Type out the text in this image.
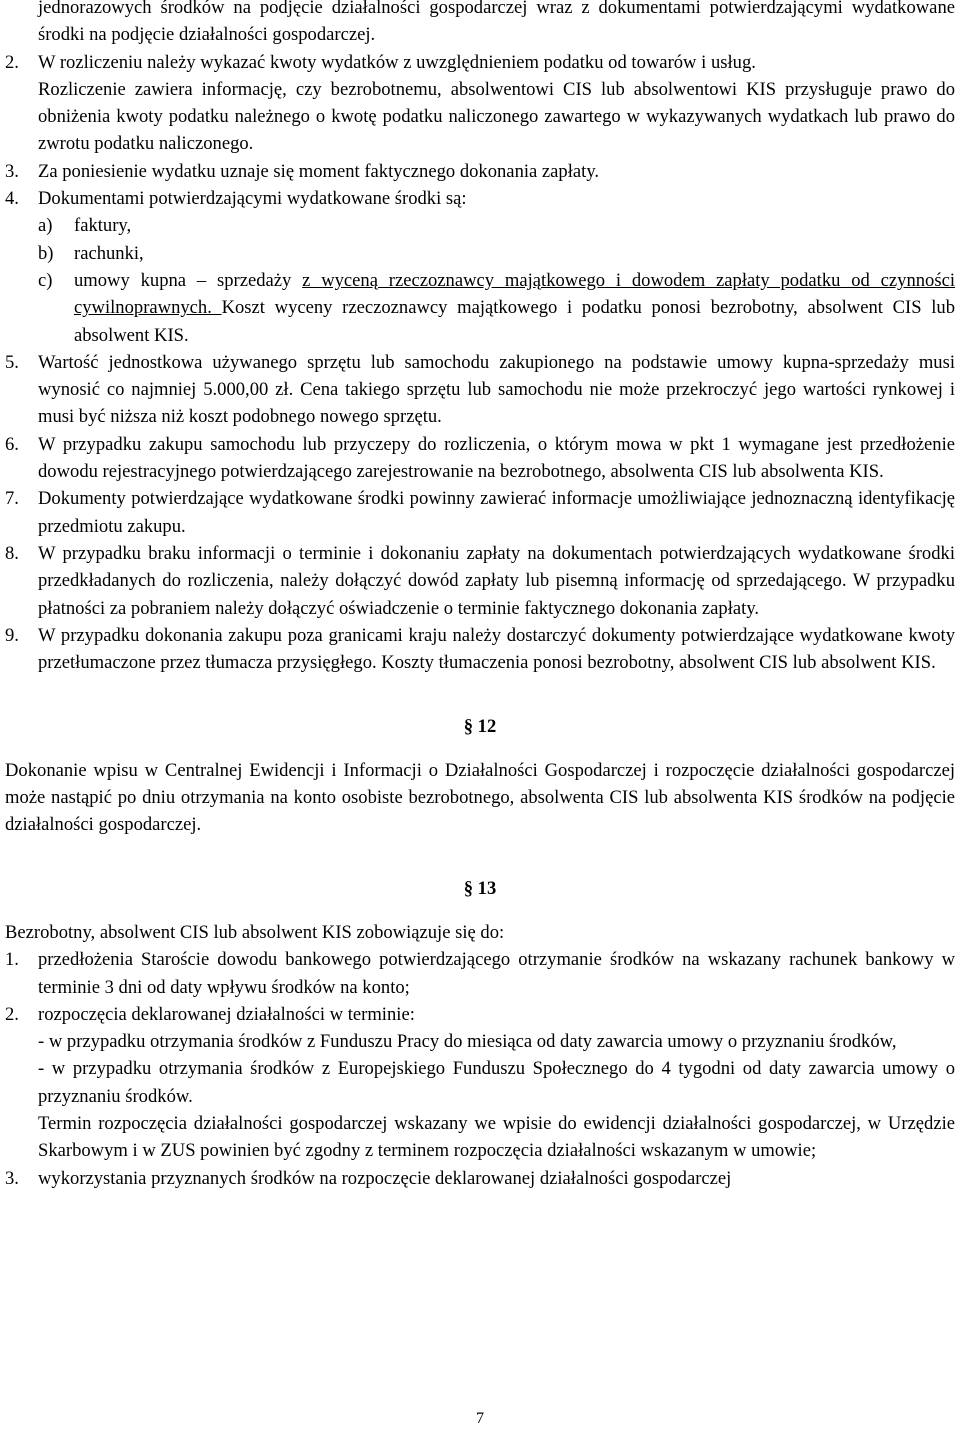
jednorazowych środków na podjęcie działalności gospodarczej wraz z dokumentami potwierdzającymi wydatkowane środki na podjęcie działalności gospodarczej.
2.	W rozliczeniu należy wykazać kwoty wydatków z uwzględnieniem podatku od towarów i usług.
Rozliczenie zawiera informację, czy bezrobotnemu, absolwentowi CIS lub absolwentowi KIS przysługuje prawo do obniżenia kwoty podatku należnego o kwotę podatku naliczonego zawartego w wykazywanych wydatkach lub prawo do zwrotu podatku naliczonego.
3.	Za poniesienie wydatku uznaje się moment faktycznego dokonania zapłaty.
4.	Dokumentami potwierdzającymi wydatkowane środki są:
a)	faktury,
b)	rachunki,
c)	umowy kupna – sprzedaży z wyceną rzeczoznawcy majątkowego i dowodem zapłaty podatku od czynności cywilnoprawnych. Koszt wyceny rzeczoznawcy majątkowego i podatku ponosi bezrobotny, absolwent CIS lub absolwent KIS.
5.	Wartość jednostkowa używanego sprzętu lub samochodu zakupionego na podstawie umowy kupna-sprzedaży musi wynosić co najmniej 5.000,00 zł. Cena takiego sprzętu lub samochodu nie może przekroczyć jego wartości rynkowej i musi być niższa niż koszt podobnego nowego sprzętu.
6.	W przypadku zakupu samochodu lub przyczepy do rozliczenia, o którym mowa w pkt 1 wymagane jest przedłożenie dowodu rejestracyjnego potwierdzającego zarejestrowanie na bezrobotnego, absolwenta CIS lub absolwenta KIS.
7.	Dokumenty potwierdzające wydatkowane środki powinny zawierać informacje umożliwiające jednoznaczną identyfikację przedmiotu zakupu.
8.	W przypadku braku informacji o terminie i dokonaniu zapłaty na dokumentach potwierdzających wydatkowane środki przedkładanych do rozliczenia, należy dołączyć dowód zapłaty lub pisemną informację od sprzedającego. W przypadku płatności za pobraniem należy dołączyć oświadczenie o terminie faktycznego dokonania zapłaty.
9.	W przypadku dokonania zakupu poza granicami kraju należy dostarczyć dokumenty potwierdzające wydatkowane kwoty przetłumaczone przez tłumacza przysięgłego. Koszty tłumaczenia ponosi bezrobotny, absolwent CIS lub absolwent KIS.
§ 12
Dokonanie wpisu w Centralnej Ewidencji i Informacji o Działalności Gospodarczej i rozpoczęcie działalności gospodarczej może nastąpić po dniu otrzymania na konto osobiste bezrobotnego, absolwenta CIS lub absolwenta KIS środków na podjęcie działalności gospodarczej.
§ 13
Bezrobotny, absolwent CIS lub absolwent KIS zobowiązuje się do:
1.	przedłożenia Staroście dowodu bankowego potwierdzającego otrzymanie środków na wskazany rachunek bankowy w terminie 3 dni od daty wpływu środków na konto;
2.	rozpoczęcia deklarowanej działalności w terminie:
- w przypadku otrzymania środków z Funduszu Pracy do miesiąca od daty zawarcia umowy o przyznaniu środków,
- w przypadku otrzymania środków z Europejskiego Funduszu Społecznego do 4 tygodni od daty zawarcia umowy o przyznaniu środków.
Termin rozpoczęcia działalności gospodarczej wskazany we wpisie do ewidencji działalności gospodarczej, w Urzędzie Skarbowym i w ZUS powinien być zgodny z terminem rozpoczęcia działalności wskazanym w umowie;
3.	wykorzystania przyznanych środków na rozpoczęcie deklarowanej działalności gospodarczej
7
